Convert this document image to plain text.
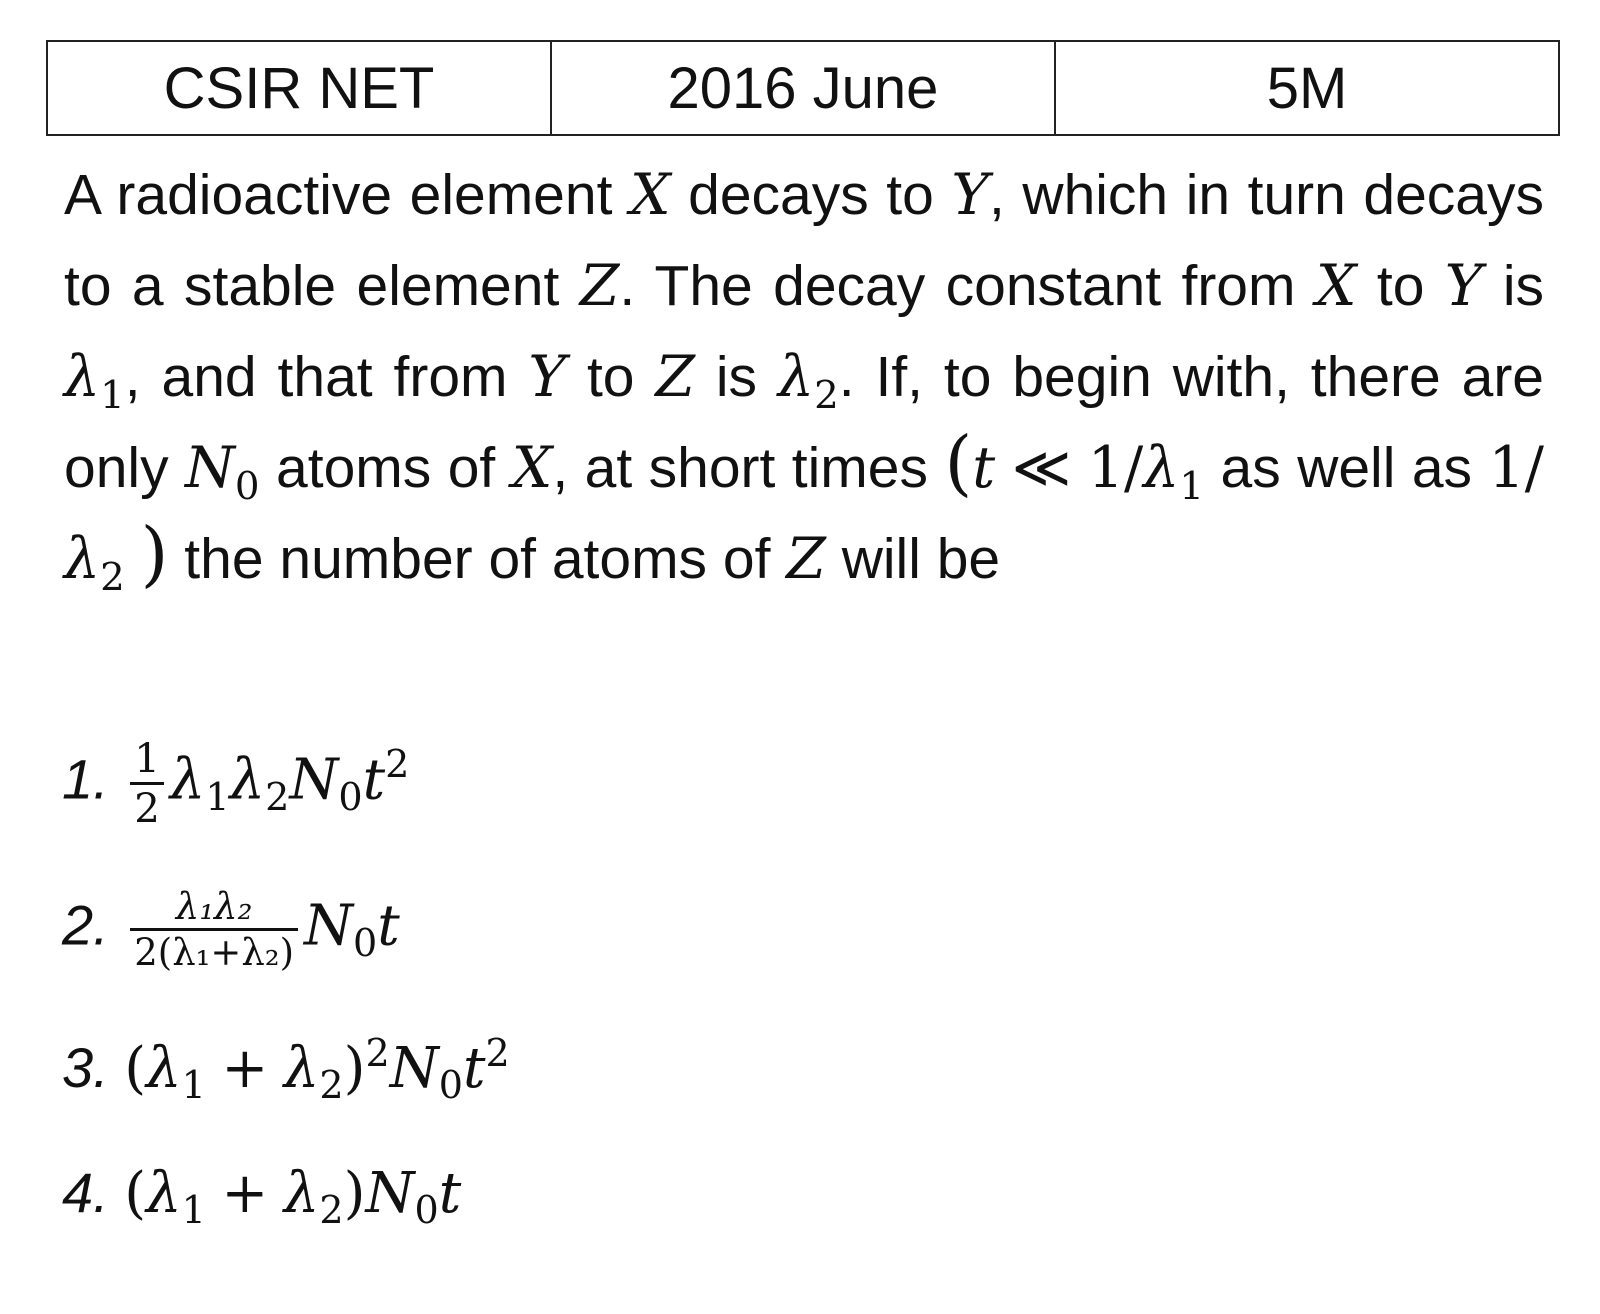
CSIR NET	2016 June	5M
A radioactive element X decays to Y, which in turn decays to a stable element Z. The decay constant from X to Y is $\lambda_1$, and that from Y to Z is $\lambda_2$. If, to begin with, there are only $N_0$ atoms of X, at short times (t ≪ $1/\lambda_1$ as well as $1/\lambda_2$ ) the number of atoms of Z will be
1. $\frac{1}{2} \lambda_1\lambda_2N_0t^2$
2. $\frac{\text{λ₁λ₂}}{\text{2(λ₁+λ₂)}} N_0t$
3. $(\lambda_1 + \lambda_2)^2N_0t^2$
4. $(\lambda_1 + \lambda_2)N_0t$
